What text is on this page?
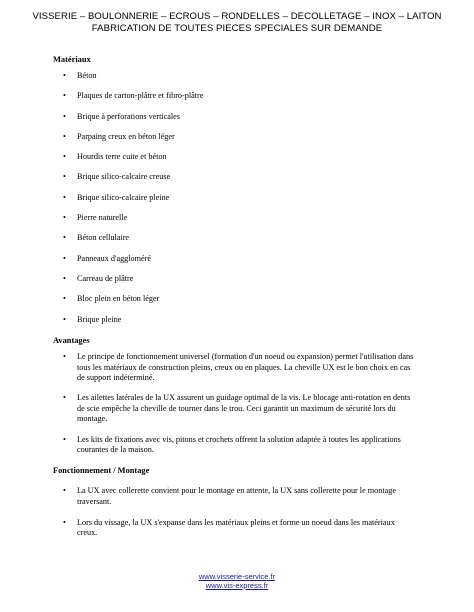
VISSERIE – BOULONNERIE – ECROUS – RONDELLES – DECOLLETAGE – INOX – LAITON
FABRICATION DE TOUTES PIECES SPECIALES SUR DEMANDE
Matériaux
• Béton
• Plaques de carton-plâtre et fibro-plâtre
• Brique à perforations verticales
• Parpaing creux en béton léger
• Hourdis terre cuite et béton
• Brique silico-calcaire creuse
• Brique silico-calcaire pleine
• Pierre naturelle
• Béton cellulaire
• Panneaux d'aggloméré
• Carreau de plâtre
• Bloc plein en béton léger
• Brique pleine
Avantages
• Le principe de fonctionnement universel (formation d'un noeud ou expansion) permet l'utilisation dans tous les matériaux de construction pleins, creux ou en plaques. La cheville UX est le bon choix en cas de support indéterminé.
• Les ailettes latérales de la UX assurent un guidage optimal de la vis. Le blocage anti-rotation en dents de scie empêche la cheville de tourner dans le trou. Ceci garantit un maximum de sécurité lors du montage.
• Les kits de fixations avec vis, pitons et crochets offrent la solution adaptée à toutes les applications courantes de la maison.
Fonctionnement / Montage
• La UX avec collerette convient pour le montage en attente, la UX sans collerette pour le montage traversant.
• Lors du vissage, la UX s'expanse dans les matériaux pleins et forme un noeud dans les matériaux creux.
www.visserie-service.fr
www.vis-express.fr
